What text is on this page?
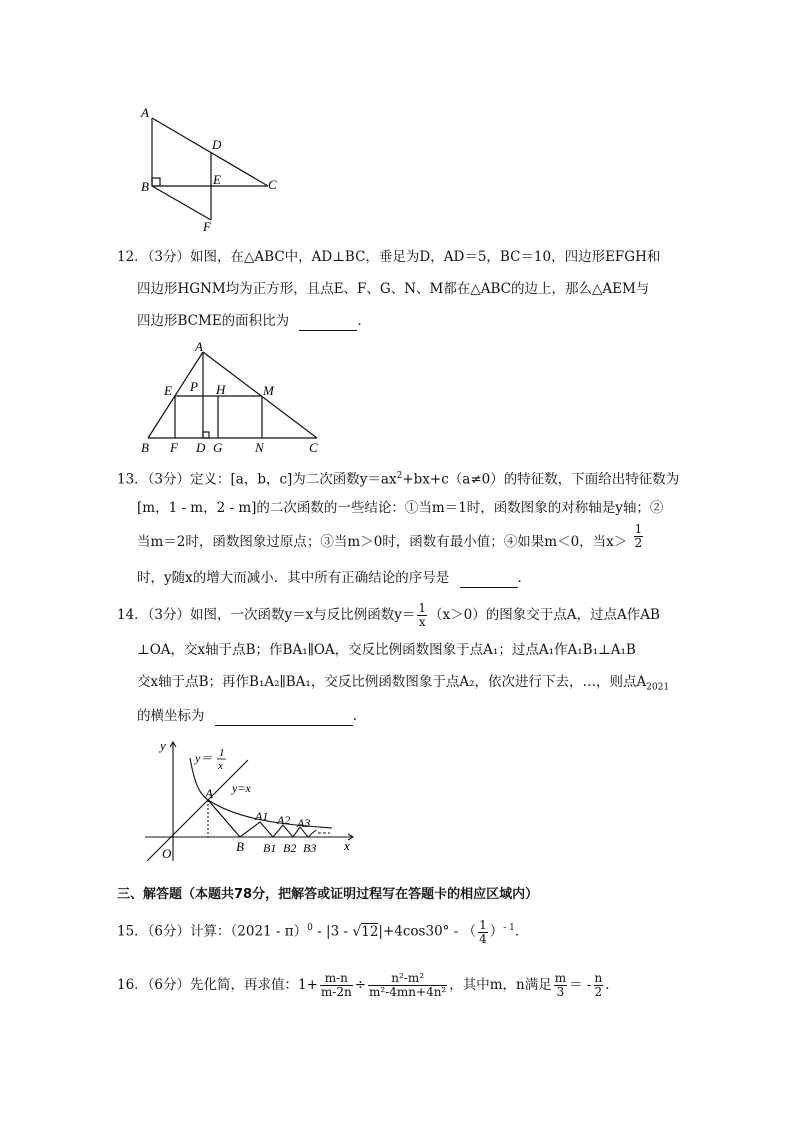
A
D
E	C
B
F
12．（3分）如图，在△ABC中，AD⊥BC，垂足为D，AD＝5，BC＝10，四边形EFGH和
四边形HGNM均为正方形，且点E、F、G、N、M都在△ABC的边上，那么△AEM与
四边形BCME的面积比为	．
A
E P H	M
B F D G	N	C
13．（3分）定义：[a，b，c]为二次函数$y=ax^2+bx+c(a\ne 0)$的特征数，下面给出特征数为
[m，1 - m，2 - m]的二次函数的一些结论：①当m＝1时，函数图象的对称轴是y轴；②
当m＝2时，函数图象过原点；③当m＞0时，函数有最小值；④如果m＜0，当$x> \frac{1}{2}$
时，y随x的增大而减小．其中所有正确结论的序号是	．
14．（3分）如图，一次函数y＝x与反比例函数$y= \frac{1}{x} (x>0)$的图象交于点A，过点A作AB
⊥OA，交x轴于点B；作BA₁∥OA，交反比例函数图象于点A₁；过点A₁作A₁B₁⊥A₁B
交x轴于点B；再作B₁A₂∥BA₁，交反比例函数图象于点A₂，依次进行下去，…，则点$A_{2021}$
的横坐标为	．
y
x
O
A
B
y＝ 1
x
y=x
A1 A2 A3
B1 B2 B3
三、解答题（本题共78分，把解答或证明过程写在答题卡的相应区域内）
15．（6分）计算：（2021 - π）$^0$ - |3 - √12|+4cos30° - （ $\frac{1}{4} )^{- 1}$．
16．（6分）先化简，再求值：$1+ \frac{m-n}{m-2n} \div \frac{\text{n²-m²}}{\text{m²-4mn+4n²}}$ ，其中m，n满足 $\frac{m}{3}$ ＝ - $\frac{n}{2}$ ．
